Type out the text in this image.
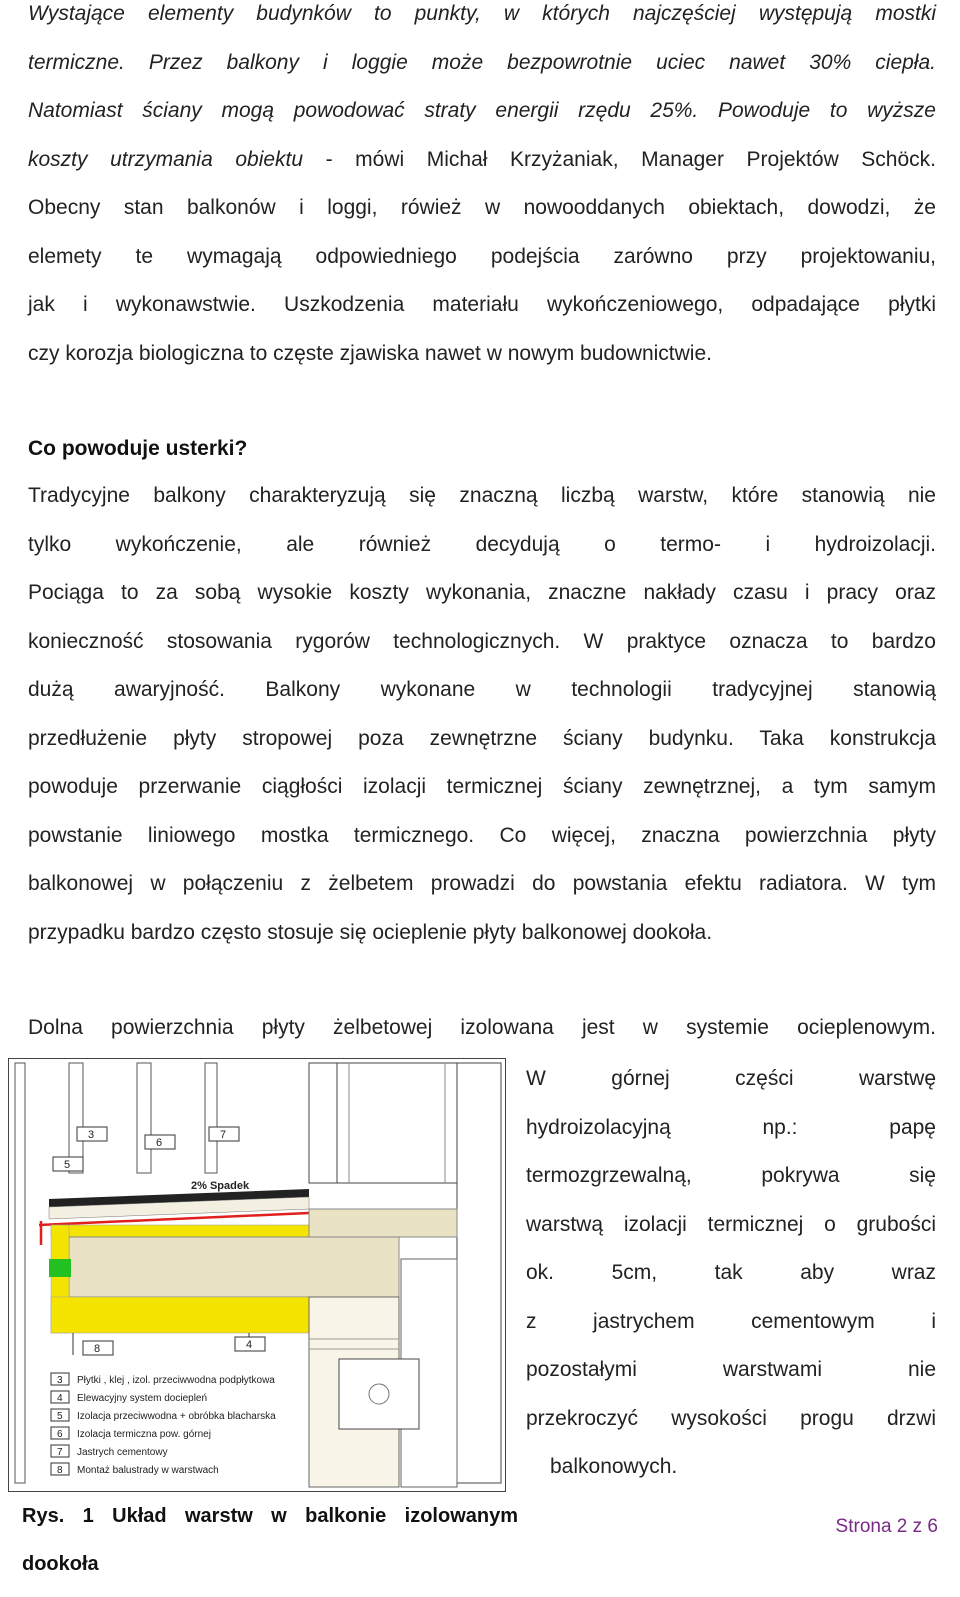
Wystające elementy budynków to punkty, w których najczęściej występują mostki
termiczne. Przez balkony i loggie może bezpowrotnie uciec nawet 30% ciepła.
Natomiast ściany mogą powodować straty energii rzędu 25%. Powoduje to wyższe
koszty utrzymania obiektu - mówi Michał Krzyżaniak, Manager Projektów Schöck.
Obecny stan balkonów i loggi, rówież w nowooddanych obiektach, dowodzi, że
elemety te wymagają odpowiedniego podejścia zarówno przy projektowaniu,
jak i wykonawstwie. Uszkodzenia materiału wykończeniowego, odpadające płytki
czy korozja biologiczna to częste zjawiska nawet w nowym budownictwie.
Co powoduje usterki?
Tradycyjne balkony charakteryzują się znaczną liczbą warstw, które stanowią nie
tylko wykończenie, ale również decydują o termo- i hydroizolacji.
Pociąga to za sobą wysokie koszty wykonania, znaczne nakłady czasu i pracy oraz
konieczność stosowania rygorów technologicznych. W praktyce oznacza to bardzo
dużą awaryjność. Balkony wykonane w technologii tradycyjnej stanowią
przedłużenie płyty stropowej poza zewnętrzne ściany budynku. Taka konstrukcja
powoduje przerwanie ciągłości izolacji termicznej ściany zewnętrznej, a tym samym
powstanie liniowego mostka termicznego. Co więcej, znaczna powierzchnia płyty
balkonowej w połączeniu z żelbetem prowadzi do powstania efektu radiatora. W tym
przypadku bardzo często stosuje się ocieplenie płyty balkonowej dookoła.
Dolna powierzchnia płyty żelbetowej izolowana jest w systemie ocieplenowym.
W górnej części warstwę
hydroizolacyjną np.: papę
termozgrzewalną, pokrywa się
warstwą izolacji termicznej o grubości
ok. 5cm, tak aby wraz
z jastrychem cementowym i
pozostałymi warstwami nie
przekroczyć wysokości progu drzwi
balkonowych.
3
6
5
7
2% Spadek
8	4
3 Płytki , klej , izol. przeciwwodna podpłytkowa
4 Elewacyjny system dociepleń
5 Izolacja przeciwwodna + obróbka blacharska
6 Izolacja termiczna pow. górnej
7 Jastrych cementowy
8 Montaż balustrady w warstwach
Rys. 1 Układ warstw w balkonie izolowanym
dookoła
Strona 2 z 6
